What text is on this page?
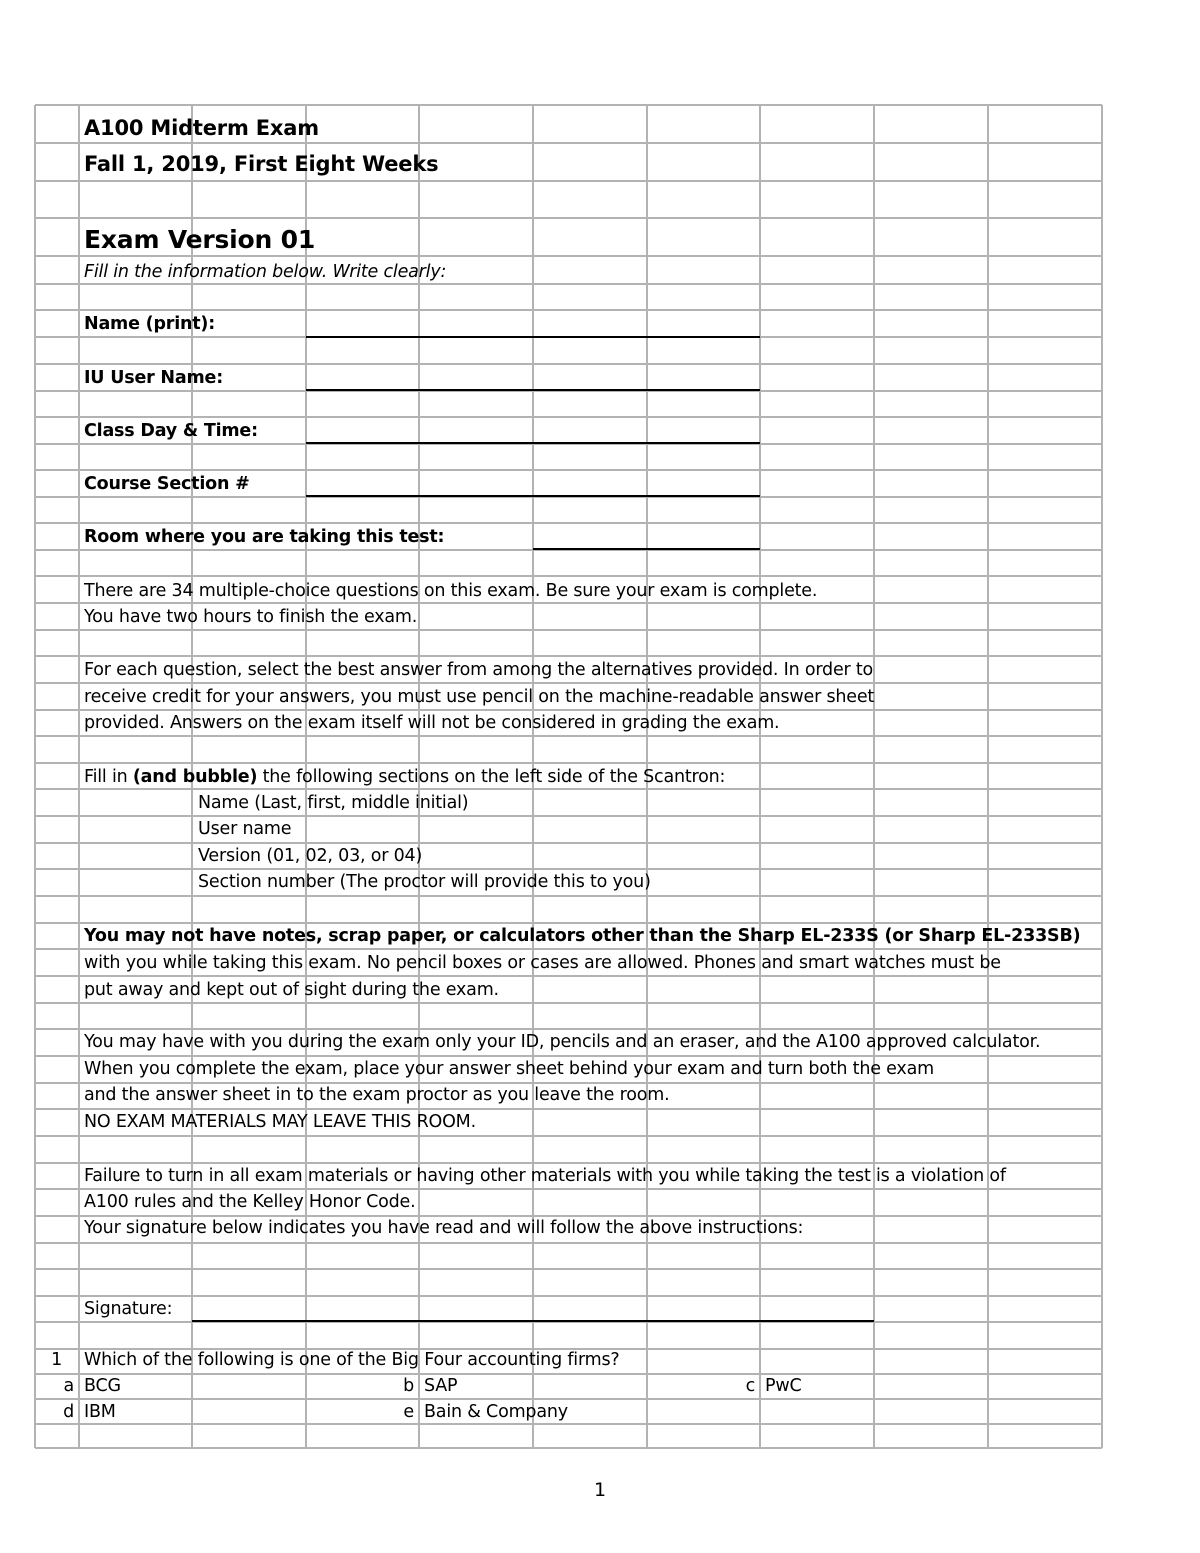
A100 Midterm Exam
Fall 1, 2019, First Eight Weeks
Exam Version 01
Fill in the information below. Write clearly:
Name (print):
IU User Name:
Class Day & Time:
Course Section #
Room where you are taking this test:
There are 34 multiple-choice questions on this exam. Be sure your exam is complete.
You have two hours to finish the exam.
For each question, select the best answer from among the alternatives provided. In order to
receive credit for your answers, you must use pencil on the machine-readable answer sheet
provided. Answers on the exam itself will not be considered in grading the exam.
Fill in (and bubble) the following sections on the left side of the Scantron:
Name (Last, first, middle initial)
User name
Version (01, 02, 03, or 04)
Section number (The proctor will provide this to you)
You may not have notes, scrap paper, or calculators other than the Sharp EL-233S (or Sharp EL-233SB)
with you while taking this exam. No pencil boxes or cases are allowed. Phones and smart watches must be
put away and kept out of sight during the exam.
You may have with you during the exam only your ID, pencils and an eraser, and the A100 approved calculator.
When you complete the exam, place your answer sheet behind your exam and turn both the exam
and the answer sheet in to the exam proctor as you leave the room.
NO EXAM MATERIALS MAY LEAVE THIS ROOM.
Failure to turn in all exam materials or having other materials with you while taking the test is a violation of
A100 rules and the Kelley Honor Code.
Your signature below indicates you have read and will follow the above instructions:
Signature:
1 Which of the following is one of the Big Four accounting firms?
a BCG	b SAP	c PwC
d IBM	e Bain & Company
1
